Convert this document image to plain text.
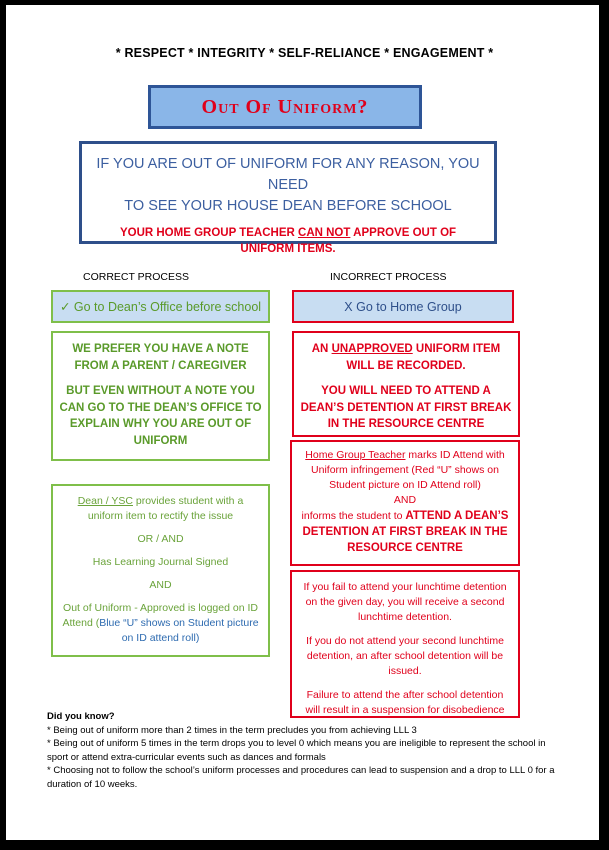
* RESPECT * INTEGRITY * SELF-RELIANCE * ENGAGEMENT *
Out Of Uniform?
IF YOU ARE OUT OF UNIFORM FOR ANY REASON, YOU NEED
TO SEE YOUR HOUSE DEAN BEFORE SCHOOL
YOUR HOME GROUP TEACHER CAN NOT APPROVE OUT OF UNIFORM ITEMS.
CORRECT PROCESS	INCORRECT PROCESS
✓ Go to Dean’s Office before school	X Go to Home Group

WE PREFER YOU HAVE A NOTE FROM A PARENT / CAREGIVER

BUT EVEN WITHOUT A NOTE YOU CAN GO TO THE DEAN’S OFFICE TO EXPLAIN WHY YOU ARE OUT OF UNIFORM

Dean / YSC provides student with a uniform item to rectify the issue

OR / AND

Has Learning Journal Signed

AND

Out of Uniform - Approved is logged on ID Attend (Blue “U” shows on Student picture on ID attend roll)

AN UNAPPROVED UNIFORM ITEM WILL BE RECORDED.

YOU WILL NEED TO ATTEND A DEAN’S DETENTION AT FIRST BREAK IN THE RESOURCE CENTRE

Home Group Teacher marks ID Attend with Uniform infringement (Red “U” shows on Student picture on ID Attend roll)
AND
informs the student to ATTEND A DEAN’S DETENTION AT FIRST BREAK IN THE RESOURCE CENTRE

If you fail to attend your lunchtime detention on the given day, you will receive a second lunchtime detention.

If you do not attend your second lunchtime detention, an after school detention will be issued.

Failure to attend the after school detention will result in a suspension for disobedience

Did you know?

* Being out of uniform more than 2 times in the term precludes you from achieving LLL 3

* Being out of uniform 5 times in the term drops you to level 0 which means you are ineligible to represent the school in sport or attend extra-curricular events such as dances and formals

* Choosing not to follow the school’s uniform processes and procedures can lead to suspension and a drop to LLL 0 for a duration of 10 weeks.
